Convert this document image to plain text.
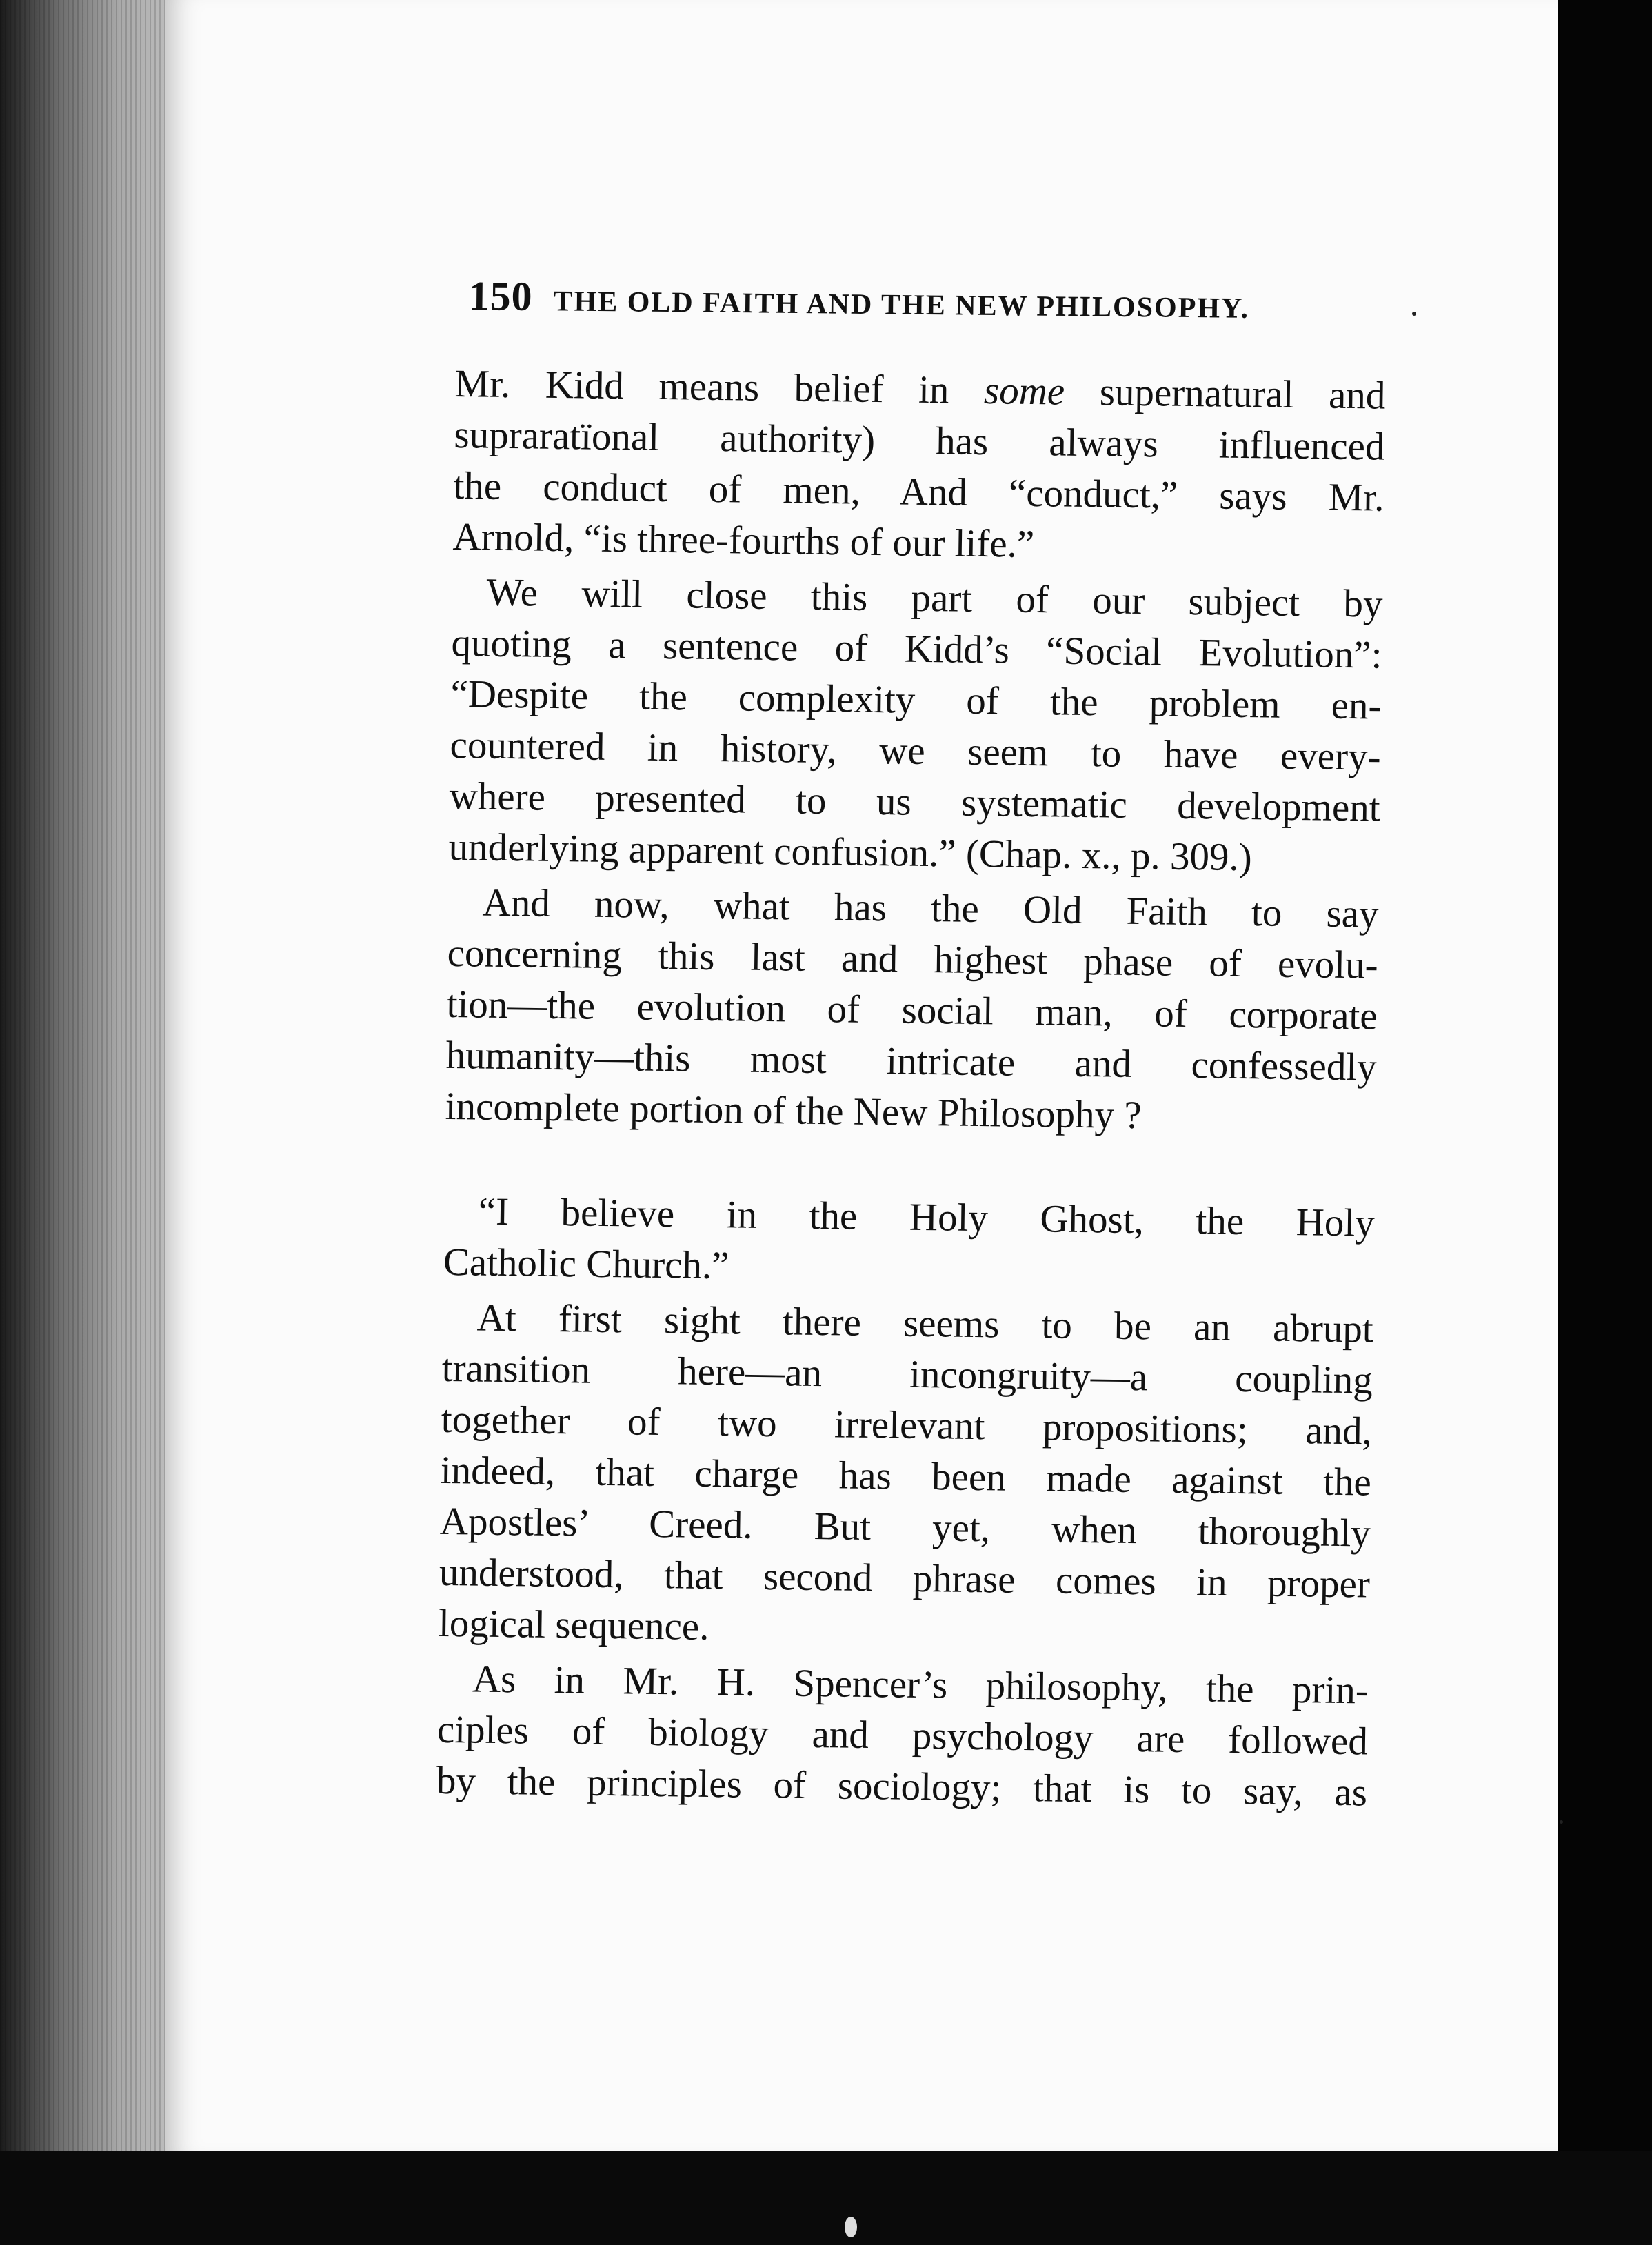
150 THE OLD FAITH AND THE NEW PHILOSOPHY.
Mr. Kidd means belief in some supernatural and
supraratïonal authority) has always influenced
the conduct of men, And “conduct,” says Mr.
Arnold, “is three-fourths of our life.”
We will close this part of our subject by
quoting a sentence of Kidd’s “Social Evolution”:
“Despite the complexity of the problem en-
countered in history, we seem to have every-
where presented to us systematic development
underlying apparent confusion.” (Chap. x., p. 309.)
And now, what has the Old Faith to say
concerning this last and highest phase of evolu-
tion—the evolution of social man, of corporate
humanity—this most intricate and confessedly
incomplete portion of the New Philosophy ?
“I believe in the Holy Ghost, the Holy
Catholic Church.”
At first sight there seems to be an abrupt
transition here—an incongruity—a coupling
together of two irrelevant propositions; and,
indeed, that charge has been made against the
Apostles’ Creed. But yet, when thoroughly
understood, that second phrase comes in proper
logical sequence.
As in Mr. H. Spencer’s philosophy, the prin-
ciples of biology and psychology are followed
by the principles of sociology; that is to say, as
